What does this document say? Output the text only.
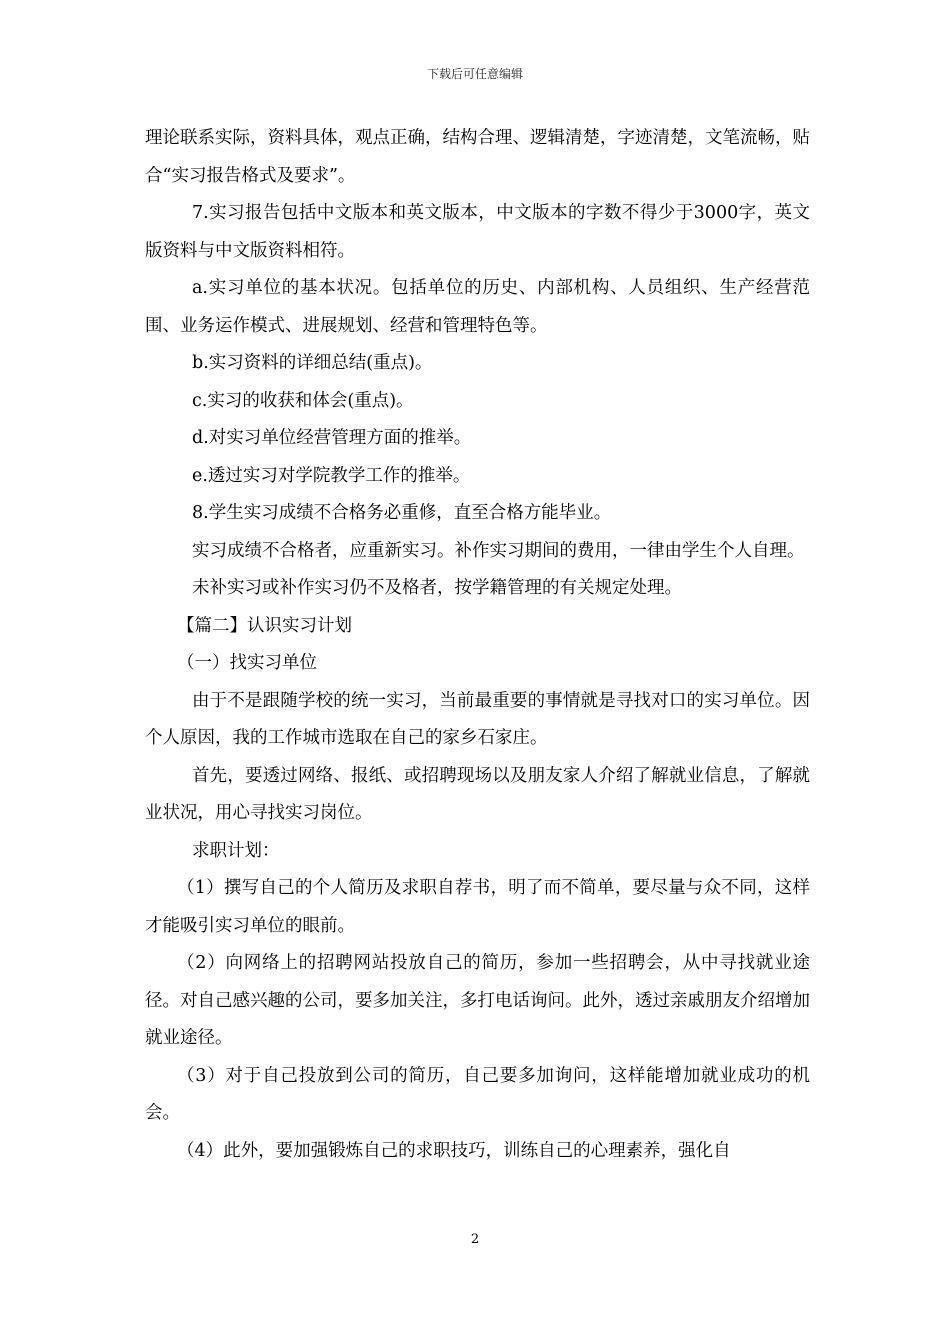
下载后可任意编辑

理论联系实际，资料具体，观点正确，结构合理、逻辑清楚，字迹清楚，文笔流畅，贴合“实习报告格式及要求”。

7.实习报告包括中文版本和英文版本，中文版本的字数不得少于3000字，英文版资料与中文版资料相符。

a.实习单位的基本状况。包括单位的历史、内部机构、人员组织、生产经营范围、业务运作模式、进展规划、经营和管理特色等。

b.实习资料的详细总结(重点)。

c.实习的收获和体会(重点)。

d.对实习单位经营管理方面的推举。

e.透过实习对学院教学工作的推举。

8.学生实习成绩不合格务必重修，直至合格方能毕业。

实习成绩不合格者，应重新实习。补作实习期间的费用，一律由学生个人自理。

未补实习或补作实习仍不及格者，按学籍管理的有关规定处理。

【篇二】认识实习计划

（一）找实习单位

由于不是跟随学校的统一实习，当前最重要的事情就是寻找对口的实习单位。因个人原因，我的工作城市选取在自己的家乡石家庄。

首先，要透过网络、报纸、或招聘现场以及朋友家人介绍了解就业信息，了解就业状况，用心寻找实习岗位。

求职计划：

（1）撰写自己的个人简历及求职自荐书，明了而不简单，要尽量与众不同，这样才能吸引实习单位的眼前。

（2）向网络上的招聘网站投放自己的简历，参加一些招聘会，从中寻找就业途径。对自己感兴趣的公司，要多加关注，多打电话询问。此外，透过亲戚朋友介绍增加就业途径。

（3）对于自己投放到公司的简历，自己要多加询问，这样能增加就业成功的机会。

（4）此外，要加强锻炼自己的求职技巧，训练自己的心理素养，强化自

2
